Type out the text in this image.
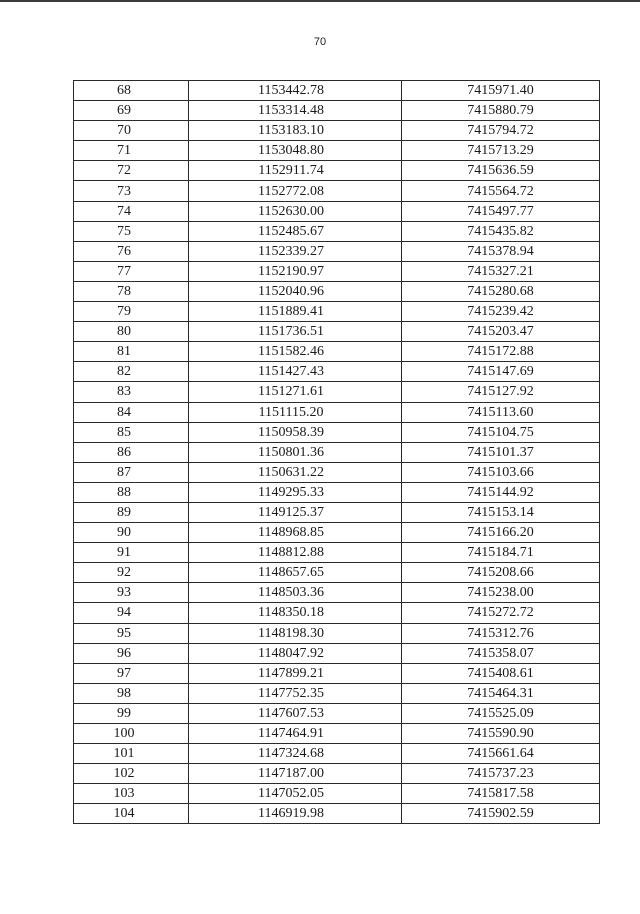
70
68	1153442.78	7415971.40
69	1153314.48	7415880.79
70	1153183.10	7415794.72
71	1153048.80	7415713.29
72	1152911.74	7415636.59
73	1152772.08	7415564.72
74	1152630.00	7415497.77
75	1152485.67	7415435.82
76	1152339.27	7415378.94
77	1152190.97	7415327.21
78	1152040.96	7415280.68
79	1151889.41	7415239.42
80	1151736.51	7415203.47
81	1151582.46	7415172.88
82	1151427.43	7415147.69
83	1151271.61	7415127.92
84	1151115.20	7415113.60
85	1150958.39	7415104.75
86	1150801.36	7415101.37
87	1150631.22	7415103.66
88	1149295.33	7415144.92
89	1149125.37	7415153.14
90	1148968.85	7415166.20
91	1148812.88	7415184.71
92	1148657.65	7415208.66
93	1148503.36	7415238.00
94	1148350.18	7415272.72
95	1148198.30	7415312.76
96	1148047.92	7415358.07
97	1147899.21	7415408.61
98	1147752.35	7415464.31
99	1147607.53	7415525.09
100	1147464.91	7415590.90
101	1147324.68	7415661.64
102	1147187.00	7415737.23
103	1147052.05	7415817.58
104	1146919.98	7415902.59
